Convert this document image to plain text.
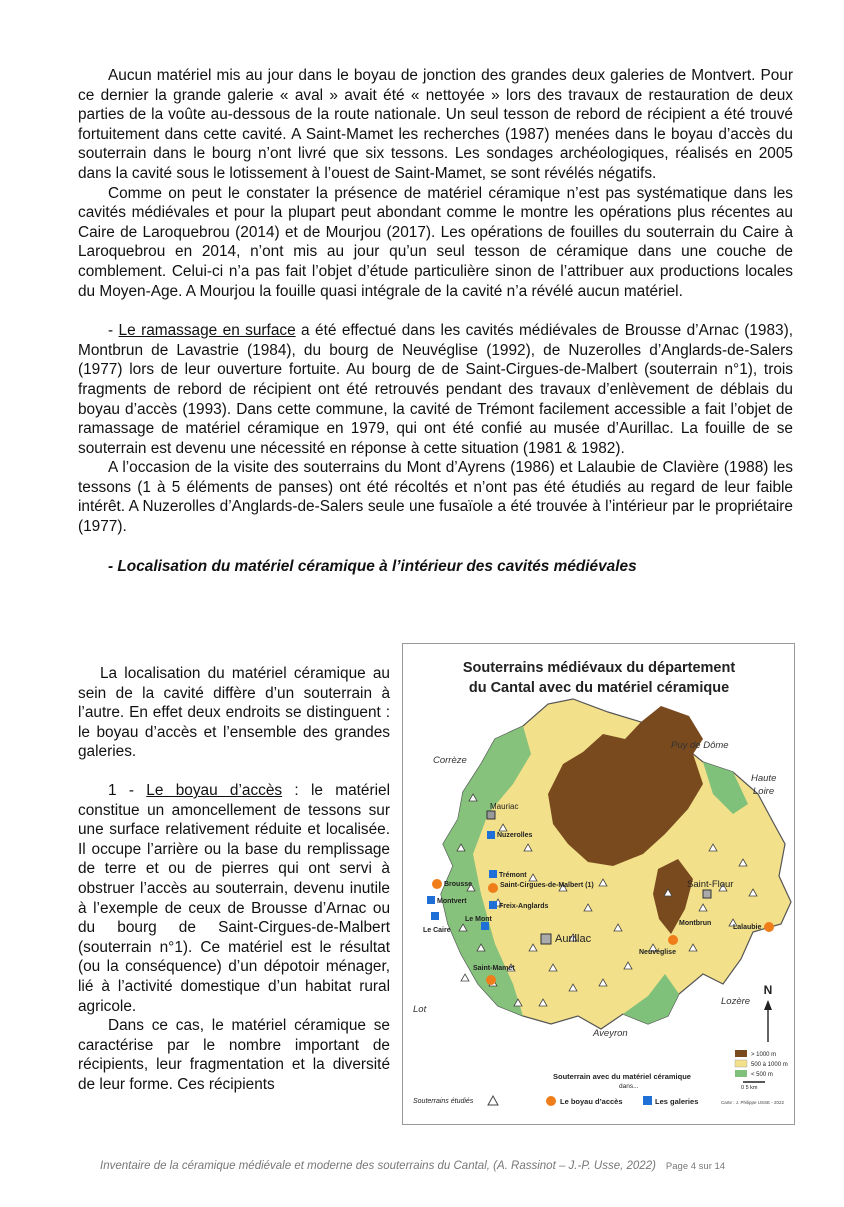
Aucun matériel mis au jour dans le boyau de jonction des grandes deux galeries de Montvert. Pour ce dernier la grande galerie « aval » avait été « nettoyée » lors des travaux de restauration de deux parties de la voûte au-dessous de la route nationale. Un seul tesson de rebord de récipient a été trouvé fortuitement dans cette cavité. A Saint-Mamet les recherches (1987) menées dans le boyau d’accès du souterrain dans le bourg n’ont livré que six tessons. Les sondages archéologiques, réalisés en 2005 dans la cavité sous le lotissement à l’ouest de Saint-Mamet, se sont révélés négatifs.

Comme on peut le constater la présence de matériel céramique n’est pas systématique dans les cavités médiévales et pour la plupart peut abondant comme le montre les opérations plus récentes au Caire de Laroquebrou (2014) et de Mourjou (2017). Les opérations de fouilles du souterrain du Caire à Laroquebrou en 2014, n’ont mis au jour qu’un seul tesson de céramique dans une couche de comblement. Celui-ci n’a pas fait l’objet d’étude particulière sinon de l’attribuer aux productions locales du Moyen-Age. A Mourjou la fouille quasi intégrale de la cavité n’a révélé aucun matériel.

- Le ramassage en surface a été effectué dans les cavités médiévales de Brousse d’Arnac (1983), Montbrun de Lavastrie (1984), du bourg de Neuvéglise (1992), de Nuzerolles d’Anglards-de-Salers (1977) lors de leur ouverture fortuite. Au bourg de de Saint-Cirgues-de-Malbert (souterrain n°1), trois fragments de rebord de récipient ont été retrouvés pendant des travaux d’enlèvement de déblais du boyau d’accès (1993). Dans cette commune, la cavité de Trémont facilement accessible a fait l’objet de ramassage de matériel céramique en 1979, qui ont été confié au musée d’Aurillac. La fouille de se souterrain est devenu une nécessité en réponse à cette situation (1981 & 1982).

A l’occasion de la visite des souterrains du Mont d’Ayrens (1986) et Lalaubie de Clavière (1988) les tessons (1 à 5 éléments de panses) ont été récoltés et n’ont pas été étudiés au regard de leur faible intérêt. A Nuzerolles d’Anglards-de-Salers seule une fusaïole a été trouvée à l’intérieur par le propriétaire (1977).

- Localisation du matériel céramique à l’intérieur des cavités médiévales

La localisation du matériel céramique au sein de la cavité diffère d’un souterrain à l’autre. En effet deux endroits se distinguent : le boyau d’accès et l’ensemble des grandes galeries.

1 - Le boyau d’accès : le matériel constitue un amoncellement de tessons sur une surface relativement réduite et localisée. Il occupe l’arrière ou la base du remplissage de terre et ou de pierres qui ont servi à obstruer l’accès au souterrain, devenu inutile à l’exemple de ceux de Brousse d’Arnac ou du bourg de Saint-Cirgues-de-Malbert (souterrain n°1). Ce matériel est le résultat (ou la conséquence) d’un dépotoir ménager, lié à l’activité domestique d’un habitat rural agricole.

Dans ce cas, le matériel céramique se caractérise par le nombre important de récipients, leur fragmentation et la diversité de leur forme. Ces récipients

Souterrains médiévaux du département
du Cantal avec du matériel céramique
Corrèze
Puy de Dôme
Haute
Loire
Lot
Aveyron
Lozère
Mauriac
Aurillac
Saint-Flour
Nuzerolles
Trémont
Saint-Cirgues-de-Malbert (1)
Brousse
Montvert
Freix-Anglards
Le Mont
Le Caire
Saint-Mamet
Montbrun
Lalaubie
Neuvéglise
N
> 1000 m
500 à 1000 m
< 500 m
0 5 km
Souterrain avec du matériel céramique
dans...
Souterrains étudiés	Le boyau d’accès	Les galeries	Carte : J. Philippe USSE - 2022
Inventaire de la céramique médiévale et moderne des souterrains du Cantal, (A. Rassinot – J.-P. Usse, 2022) Page 4 sur 14
